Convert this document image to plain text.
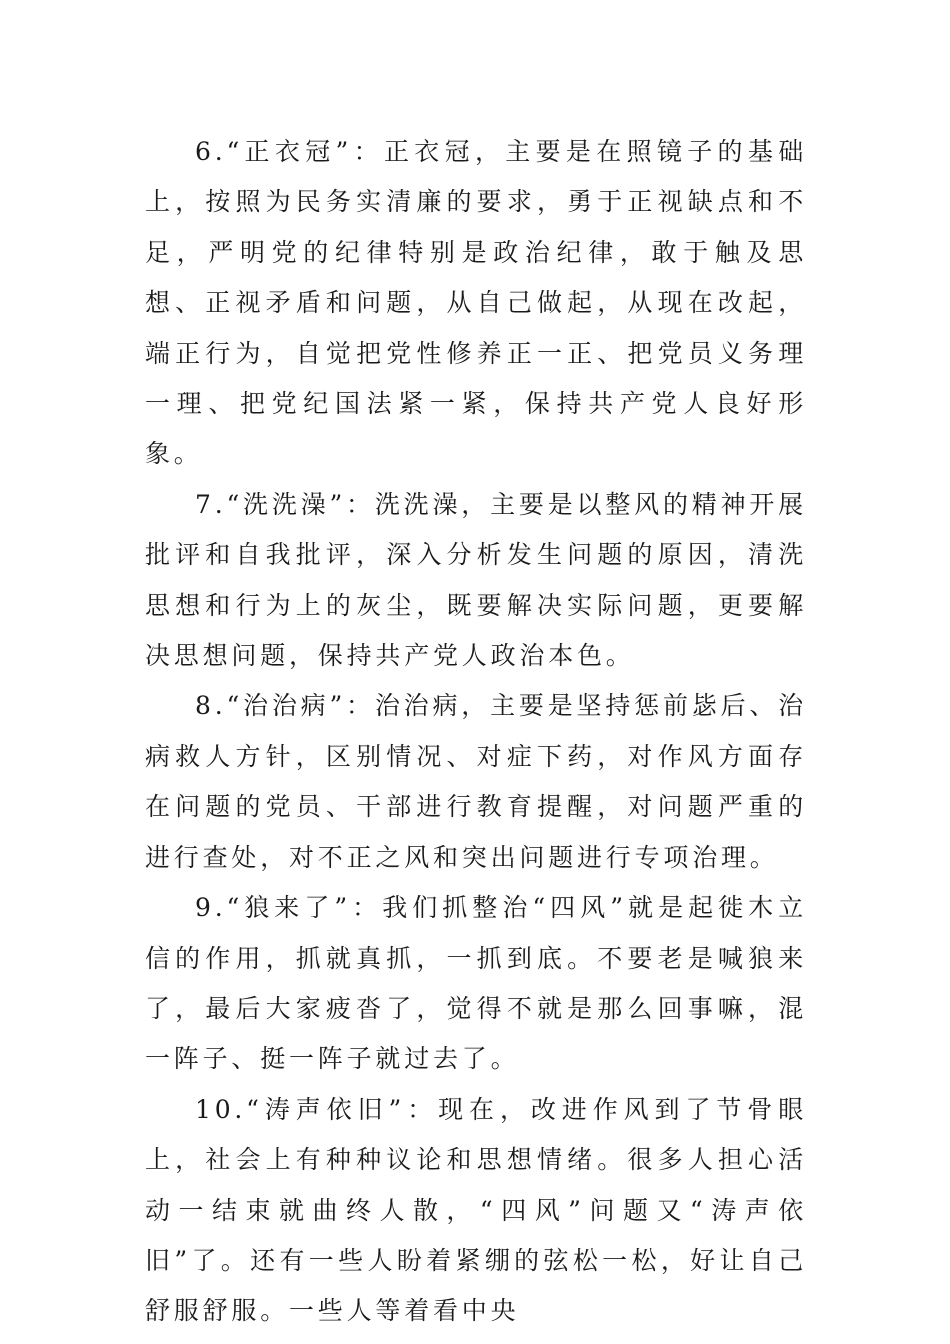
6.“正衣冠”：正衣冠，主要是在照镜子的基础上，按照为民务实清廉的要求，勇于正视缺点和不足，严明党的纪律特别是政治纪律，敢于触及思想、正视矛盾和问题，从自己做起，从现在改起，端正行为，自觉把党性修养正一正、把党员义务理一理、把党纪国法紧一紧，保持共产党人良好形象。

7.“洗洗澡”：洗洗澡，主要是以整风的精神开展批评和自我批评，深入分析发生问题的原因，清洗思想和行为上的灰尘，既要解决实际问题，更要解决思想问题，保持共产党人政治本色。

8.“治治病”：治治病，主要是坚持惩前毖后、治病救人方针，区别情况、对症下药，对作风方面存在问题的党员、干部进行教育提醒，对问题严重的进行查处，对不正之风和突出问题进行专项治理。

9.“狼来了”：我们抓整治“四风”就是起徙木立信的作用，抓就真抓，一抓到底。不要老是喊狼来了，最后大家疲沓了，觉得不就是那么回事嘛，混一阵子、挺一阵子就过去了。

10.“涛声依旧”：现在，改进作风到了节骨眼上，社会上有种种议论和思想情绪。很多人担心活动一结束就曲终人散，“四风”问题又“涛声依旧”了。还有一些人盼着紧绷的弦松一松，好让自己舒服舒服。一些人等着看中央
